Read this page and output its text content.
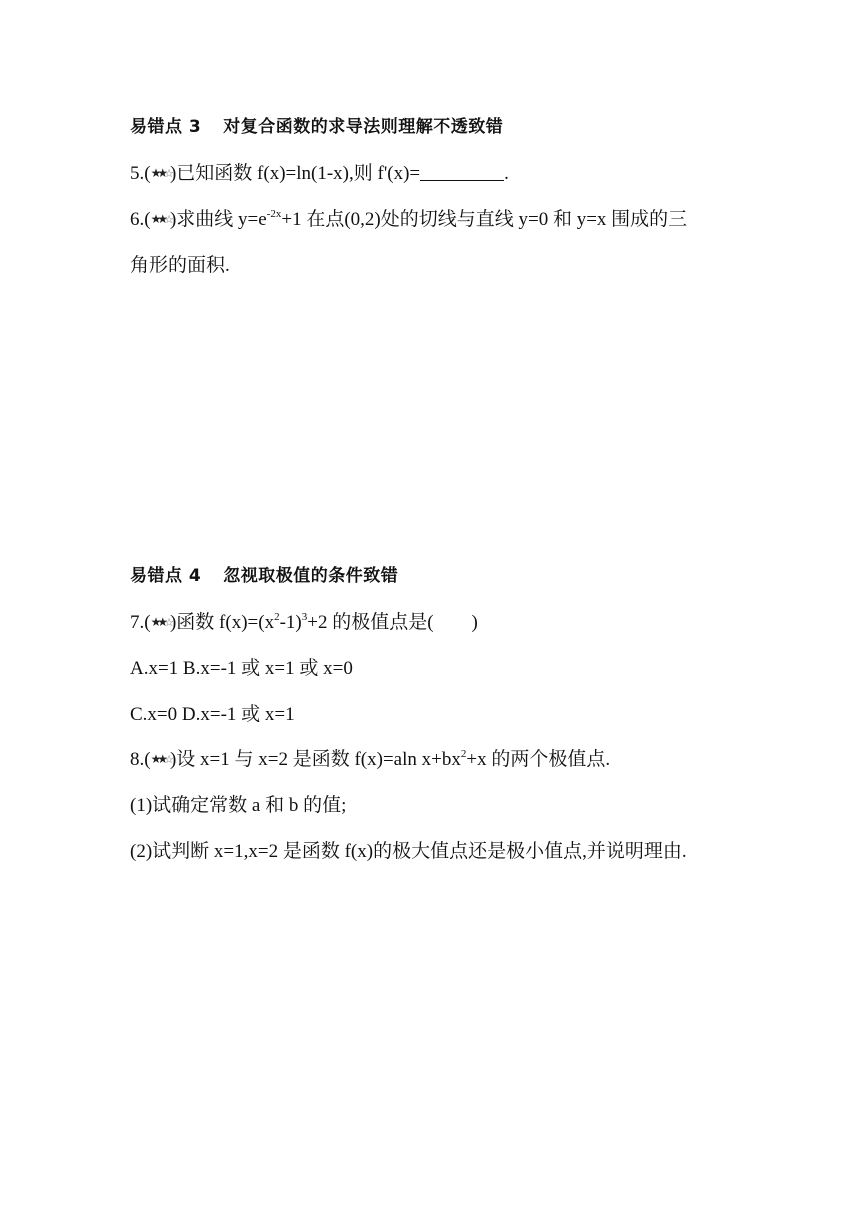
易错点 3 对复合函数的求导法则理解不透致错
5.(★★☆)已知函数 f(x)=ln(1-x),则 f'(x)=	.
6.(★★☆)求曲线 $y=e^{-2x}+1$ 在点(0,2)处的切线与直线 y=0 和 y=x 围成的三
角形的面积.
易错点 4 忽视取极值的条件致错
7.(★★☆)函数 $f(x)=(x^2-1)^3+2$ 的极值点是( )
A.x=1 B.x=-1 或 x=1 或 x=0
C.x=0 D.x=-1 或 x=1
8.(★★☆)设 x=1 与 x=2 是函数 f(x)=aln $x+bx^2+x$ 的两个极值点.
(1)试确定常数 a 和 b 的值;
(2)试判断 x=1,x=2 是函数 f(x)的极大值点还是极小值点,并说明理由.
